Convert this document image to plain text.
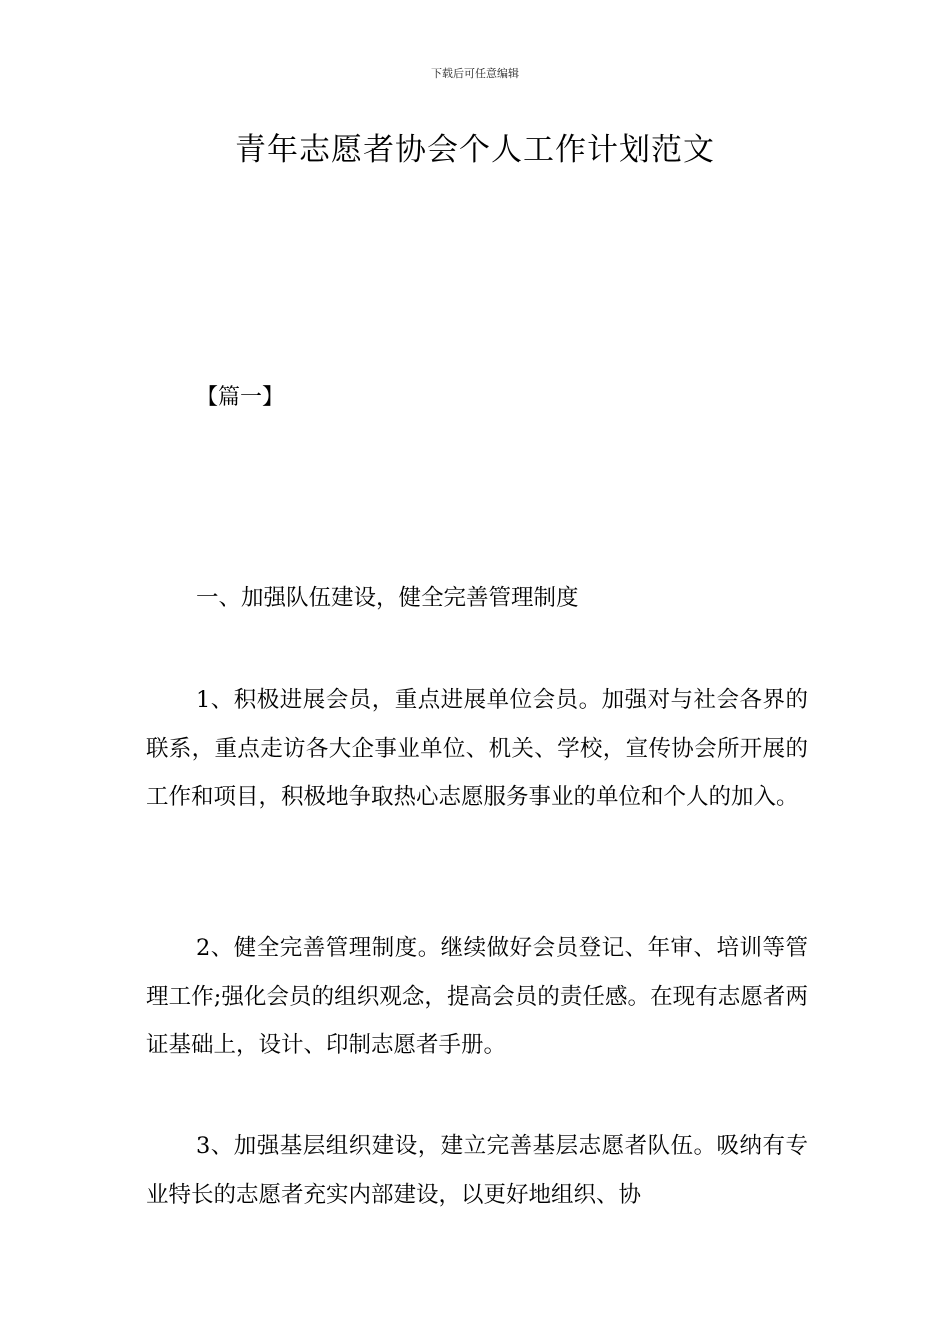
下载后可任意编辑
青年志愿者协会个人工作计划范文
【篇一】
一、加强队伍建设，健全完善管理制度

1、积极进展会员，重点进展单位会员。加强对与社会各界的联系，重点走访各大企事业单位、机关、学校，宣传协会所开展的工作和项目，积极地争取热心志愿服务事业的单位和个人的加入。

2、健全完善管理制度。继续做好会员登记、年审、培训等管理工作;强化会员的组织观念，提高会员的责任感。在现有志愿者两证基础上，设计、印制志愿者手册。

3、加强基层组织建设，建立完善基层志愿者队伍。吸纳有专业特长的志愿者充实内部建设，以更好地组织、协
